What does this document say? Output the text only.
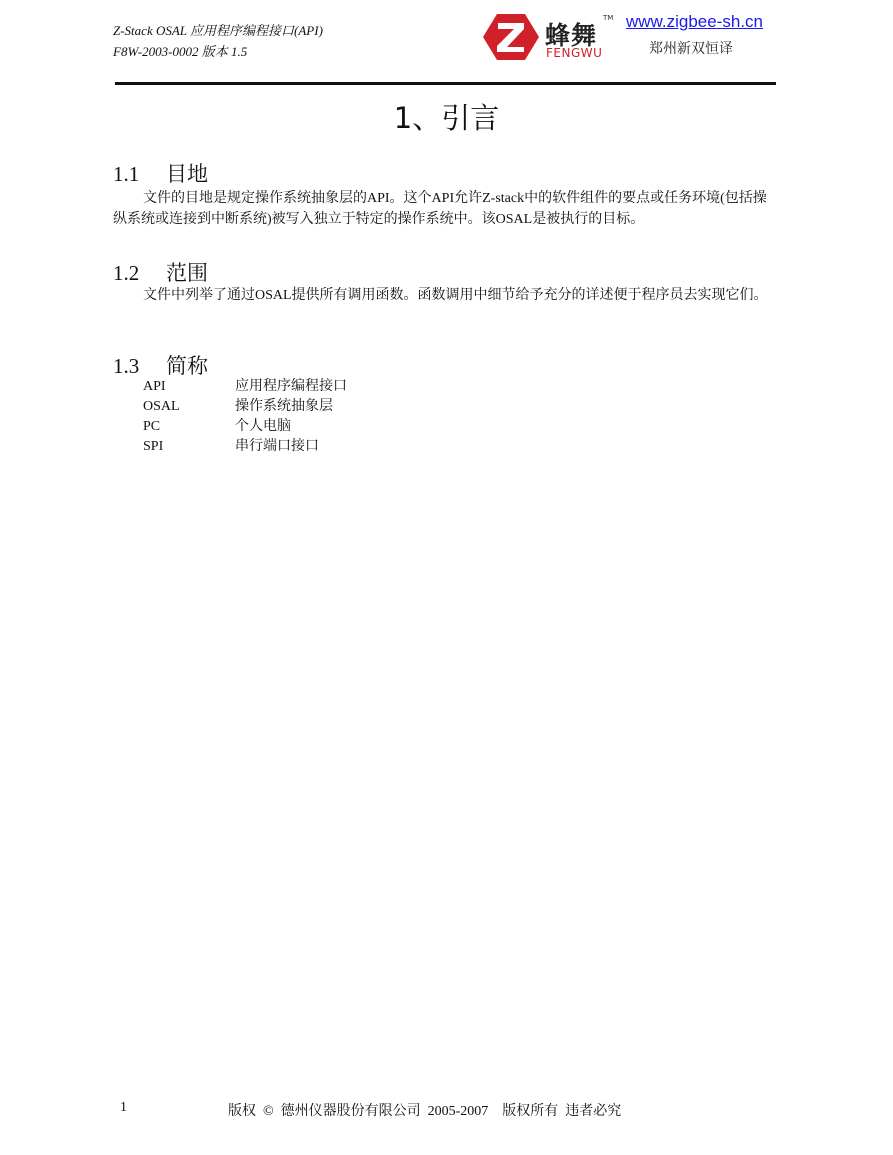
Z-Stack OSAL 应用程序编程接口(API)
F8W-2003-0002 版本 1.5
蜂舞
TM
FENGWU
www.zigbee-sh.cn
郑州新双恒译
1、引言
1.1 目地
文件的目地是规定操作系统抽象层的API。这个API允许Z-stack中的软件组件的要点或任务环境(包括操纵系统或连接到中断系统)被写入独立于特定的操作系统中。该OSAL是被执行的目标。
1.2 范围
文件中列举了通过OSAL提供所有调用函数。函数调用中细节给予充分的详述便于程序员去实现它们。
1.3 简称
API	应用程序编程接口
OSAL	操作系统抽象层
PC	个人电脑
SPI	串行端口接口
1	版权  ©  德州仪器股份有限公司  2005-2007    版权所有  违者必究
